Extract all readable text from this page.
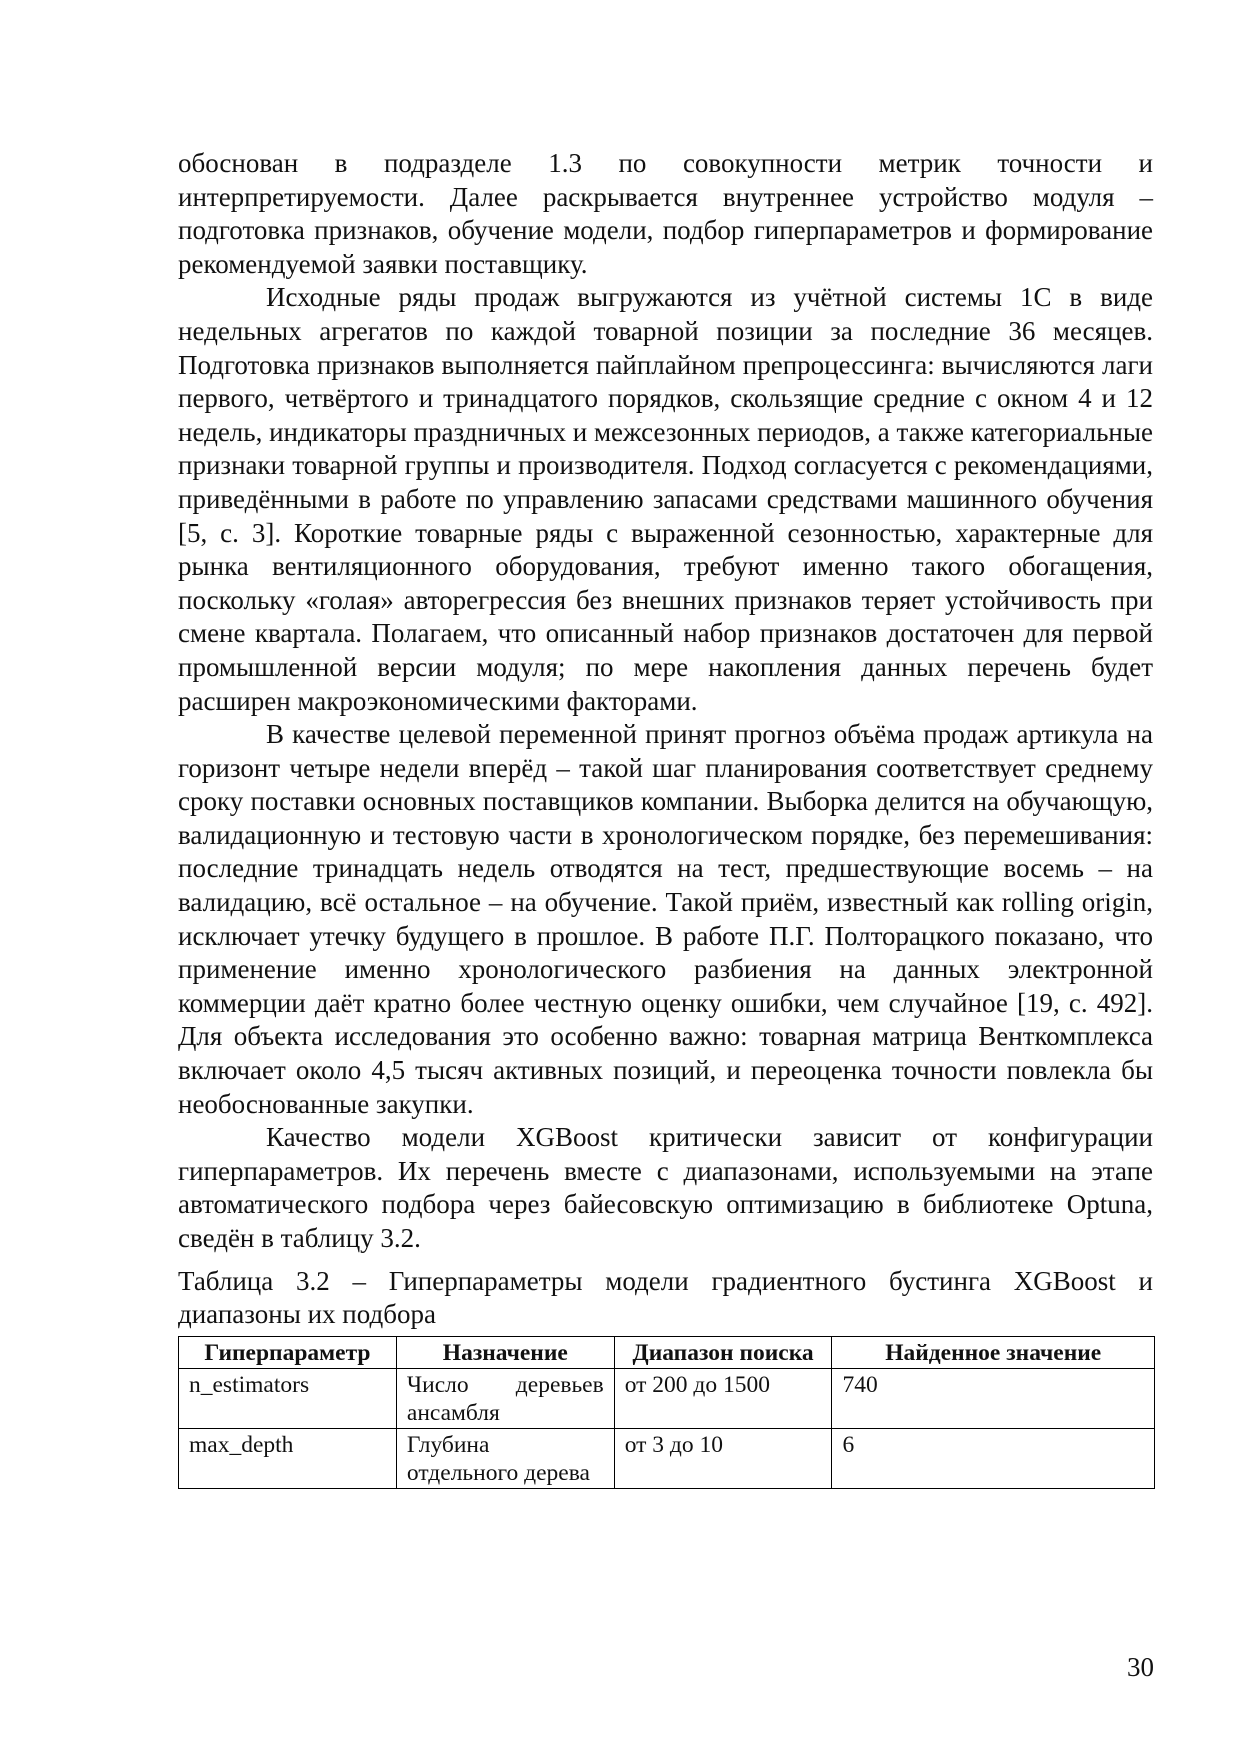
обоснован в подразделе 1.3 по совокупности метрик точности и интерпретируемости. Далее раскрывается внутреннее устройство модуля – подготовка признаков, обучение модели, подбор гиперпараметров и формирование рекомендуемой заявки поставщику.

Исходные ряды продаж выгружаются из учётной системы 1С в виде недельных агрегатов по каждой товарной позиции за последние 36 месяцев. Подготовка признаков выполняется пайплайном препроцессинга: вычисляются лаги первого, четвёртого и тринадцатого порядков, скользящие средние с окном 4 и 12 недель, индикаторы праздничных и межсезонных периодов, а также категориальные признаки товарной группы и производителя. Подход согласуется с рекомендациями, приведёнными в работе по управлению запасами средствами машинного обучения [5, с. 3]. Короткие товарные ряды с выраженной сезонностью, характерные для рынка вентиляционного оборудования, требуют именно такого обогащения, поскольку «голая» авторегрессия без внешних признаков теряет устойчивость при смене квартала. Полагаем, что описанный набор признаков достаточен для первой промышленной версии модуля; по мере накопления данных перечень будет расширен макроэкономическими факторами.

В качестве целевой переменной принят прогноз объёма продаж артикула на горизонт четыре недели вперёд – такой шаг планирования соответствует среднему сроку поставки основных поставщиков компании. Выборка делится на обучающую, валидационную и тестовую части в хронологическом порядке, без перемешивания: последние тринадцать недель отводятся на тест, предшествующие восемь – на валидацию, всё остальное – на обучение. Такой приём, известный как rolling origin, исключает утечку будущего в прошлое. В работе П.Г. Полторацкого показано, что применение именно хронологического разбиения на данных электронной коммерции даёт кратно более честную оценку ошибки, чем случайное [19, с. 492]. Для объекта исследования это особенно важно: товарная матрица Венткомплекса включает около 4,5 тысяч активных позиций, и переоценка точности повлекла бы необоснованные закупки.

Качество модели XGBoost критически зависит от конфигурации гиперпараметров. Их перечень вместе с диапазонами, используемыми на этапе автоматического подбора через байесовскую оптимизацию в библиотеке Optuna, сведён в таблицу 3.2.

Таблица 3.2 – Гиперпараметры модели градиентного бустинга XGBoost и диапазоны их подбора

Гиперпараметр	Назначение	Диапазон поиска	Найденное значение
n_estimators	Число деревьев ансамбля	от 200 до 1500	740
max_depth	Глубина отдельного дерева	от 3 до 10	6
30
